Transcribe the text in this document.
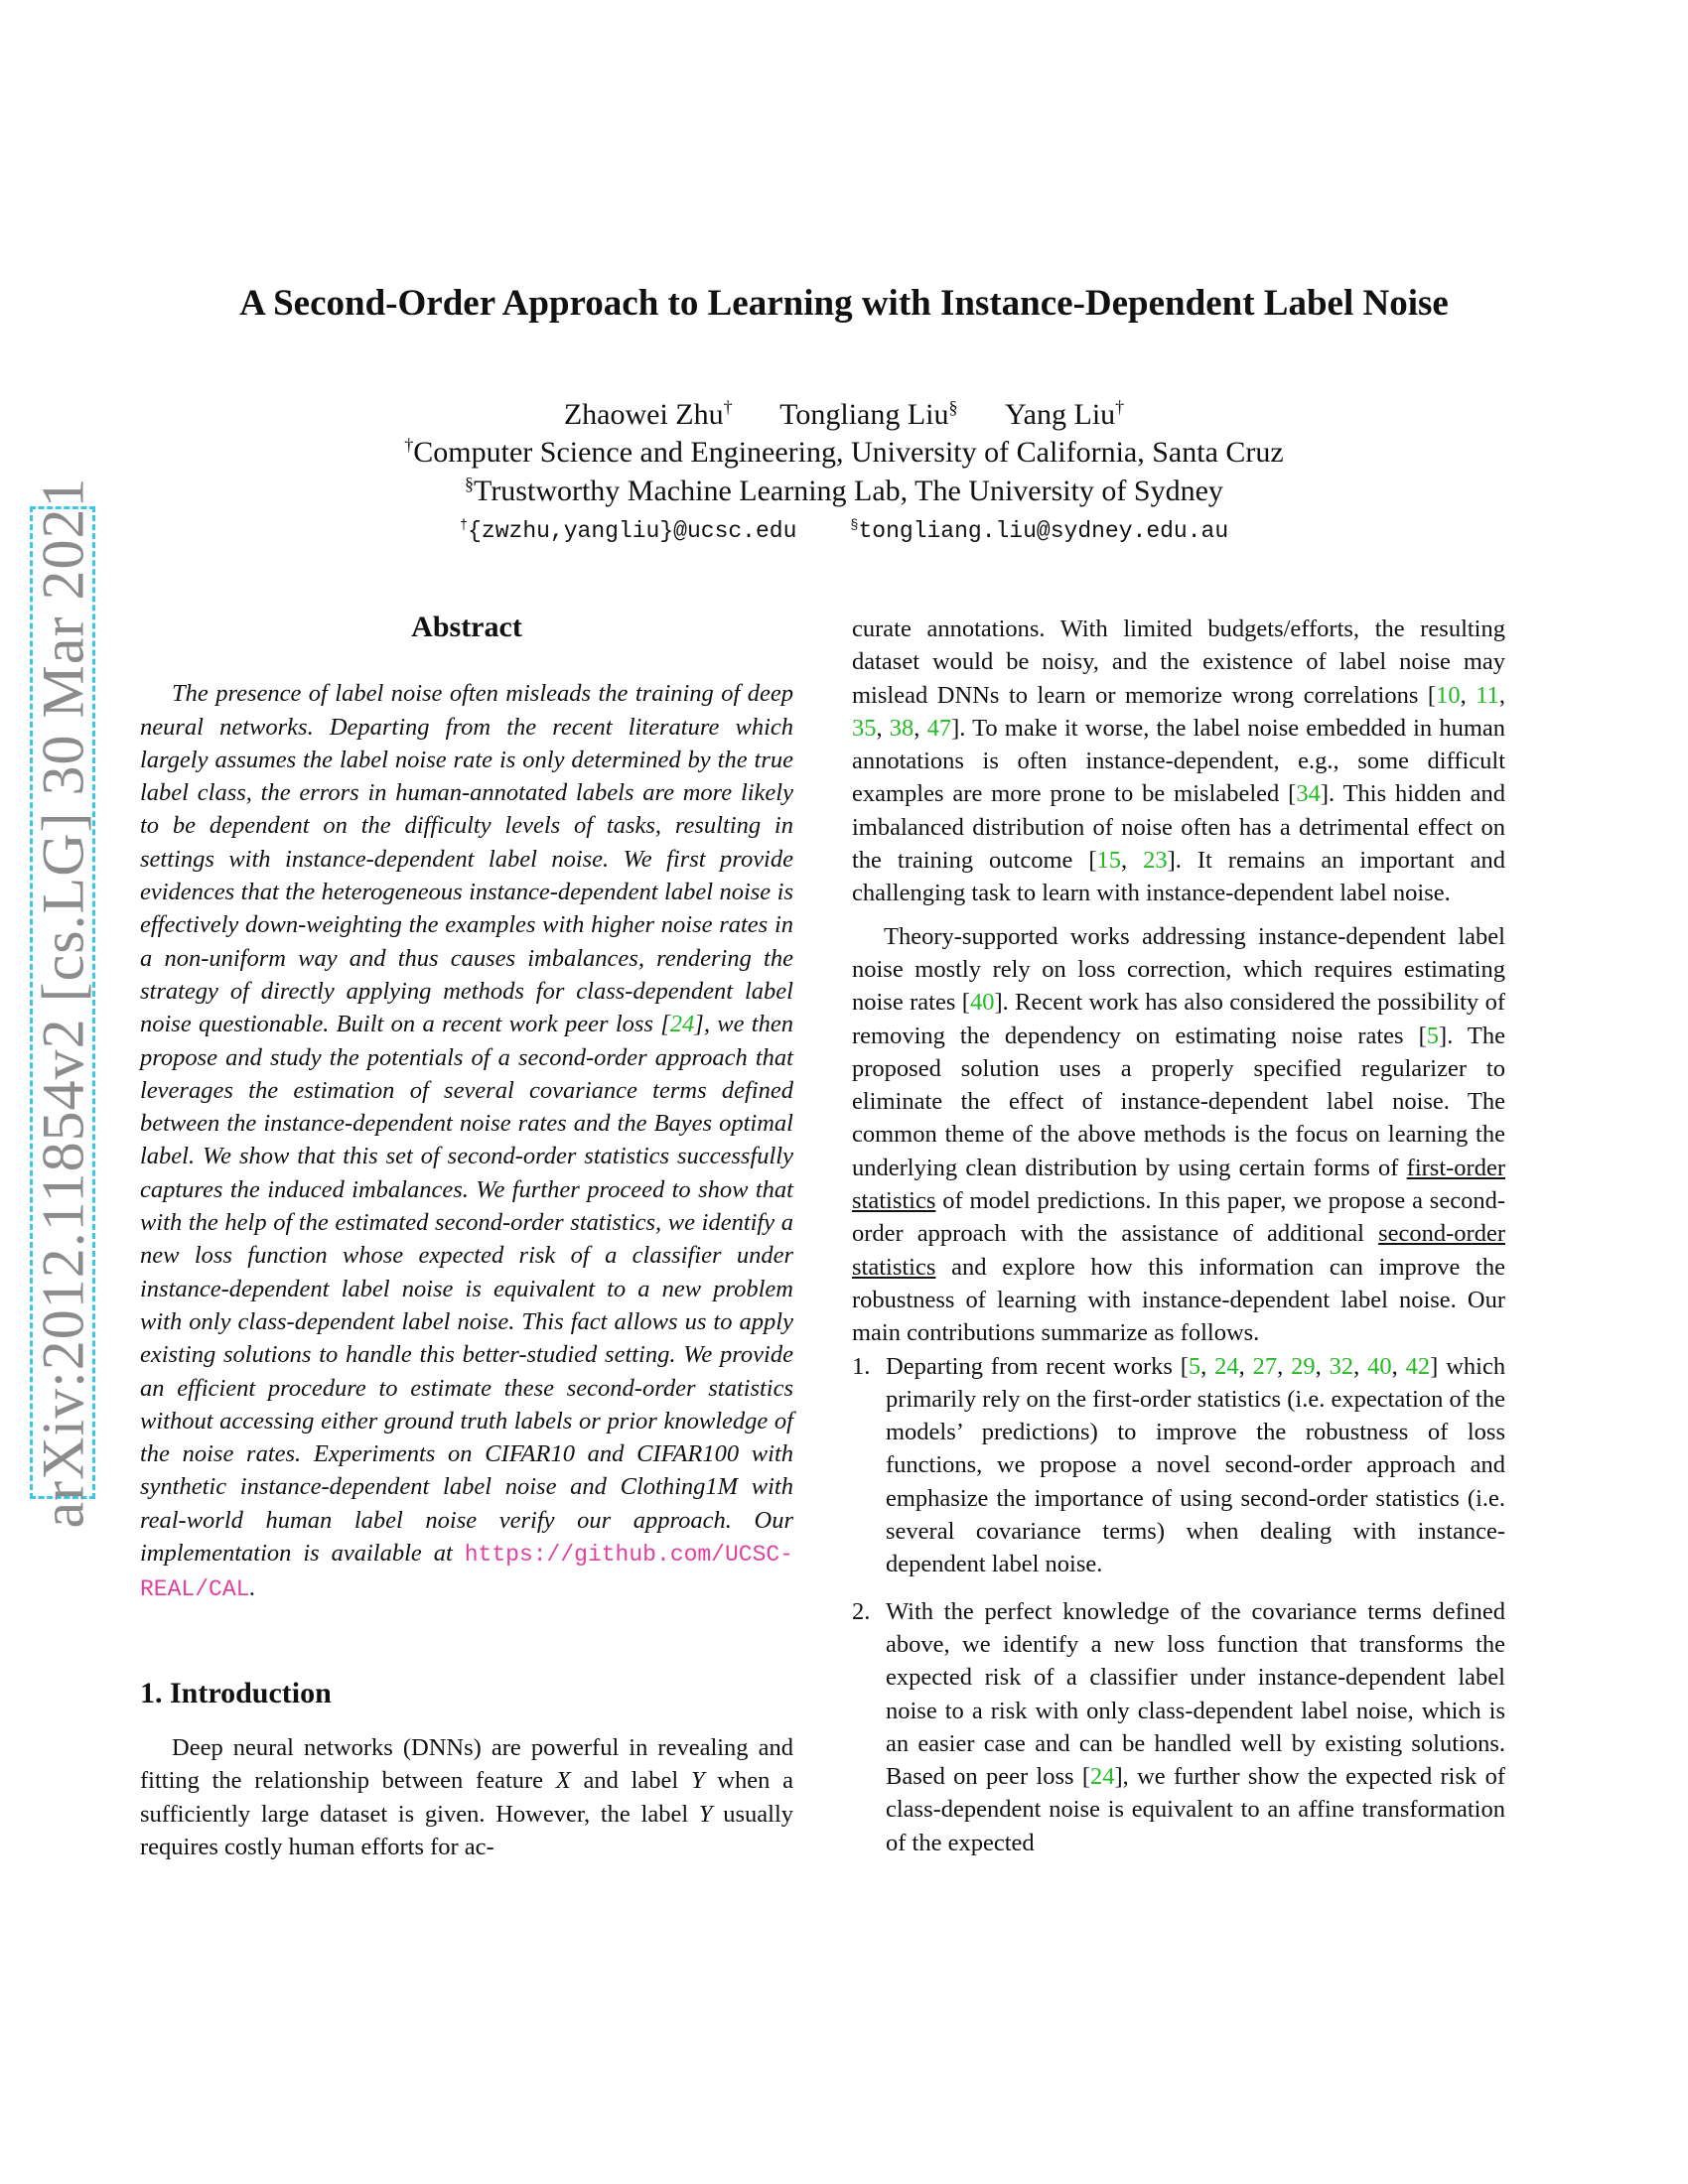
arXiv:2012.11854v2 [cs.LG] 30 Mar 2021
A Second-Order Approach to Learning with Instance-Dependent Label Noise
Zhaowei Zhu† Tongliang Liu§ Yang Liu†
†Computer Science and Engineering, University of California, Santa Cruz
§Trustworthy Machine Learning Lab, The University of Sydney
†{zwzhu,yangliu}@ucsc.edu	§tongliang.liu@sydney.edu.au
Abstract

The presence of label noise often misleads the training of deep neural networks. Departing from the recent literature which largely assumes the label noise rate is only determined by the true label class, the errors in human-annotated labels are more likely to be dependent on the difficulty levels of tasks, resulting in settings with instance-dependent label noise. We first provide evidences that the heterogeneous instance-dependent label noise is effectively down-weighting the examples with higher noise rates in a non-uniform way and thus causes imbalances, rendering the strategy of directly applying methods for class-dependent label noise questionable. Built on a recent work peer loss [24], we then propose and study the potentials of a second-order approach that leverages the estimation of several covariance terms defined between the instance-dependent noise rates and the Bayes optimal label. We show that this set of second-order statistics successfully captures the induced imbalances. We further proceed to show that with the help of the estimated second-order statistics, we identify a new loss function whose expected risk of a classifier under instance-dependent label noise is equivalent to a new problem with only class-dependent label noise. This fact allows us to apply existing solutions to handle this better-studied setting. We provide an efficient procedure to estimate these second-order statistics without accessing either ground truth labels or prior knowledge of the noise rates. Experiments on CIFAR10 and CIFAR100 with synthetic instance-dependent label noise and Clothing1M with real-world human label noise verify our approach. Our implementation is available at https://github.com/UCSC-REAL/CAL.

1. Introduction

Deep neural networks (DNNs) are powerful in revealing and fitting the relationship between feature X and label Y when a sufficiently large dataset is given. However, the label Y usually requires costly human efforts for ac-

curate annotations. With limited budgets/efforts, the resulting dataset would be noisy, and the existence of label noise may mislead DNNs to learn or memorize wrong correlations [10, 11, 35, 38, 47]. To make it worse, the label noise embedded in human annotations is often instance-dependent, e.g., some difficult examples are more prone to be mislabeled [34]. This hidden and imbalanced distribution of noise often has a detrimental effect on the training outcome [15, 23]. It remains an important and challenging task to learn with instance-dependent label noise.

Theory-supported works addressing instance-dependent label noise mostly rely on loss correction, which requires estimating noise rates [40]. Recent work has also considered the possibility of removing the dependency on estimating noise rates [5]. The proposed solution uses a properly specified regularizer to eliminate the effect of instance-dependent label noise. The common theme of the above methods is the focus on learning the underlying clean distribution by using certain forms of first-order statistics of model predictions. In this paper, we propose a second-order approach with the assistance of additional second-order statistics and explore how this information can improve the robustness of learning with instance-dependent label noise. Our main contributions summarize as follows.

1. Departing from recent works [5, 24, 27, 29, 32, 40, 42] which primarily rely on the first-order statistics (i.e. expectation of the models’ predictions) to improve the robustness of loss functions, we propose a novel second-order approach and emphasize the importance of using second-order statistics (i.e. several covariance terms) when dealing with instance-dependent label noise.
2. With the perfect knowledge of the covariance terms defined above, we identify a new loss function that transforms the expected risk of a classifier under instance-dependent label noise to a risk with only class-dependent label noise, which is an easier case and can be handled well by existing solutions. Based on peer loss [24], we further show the expected risk of class-dependent noise is equivalent to an affine transformation of the expected
